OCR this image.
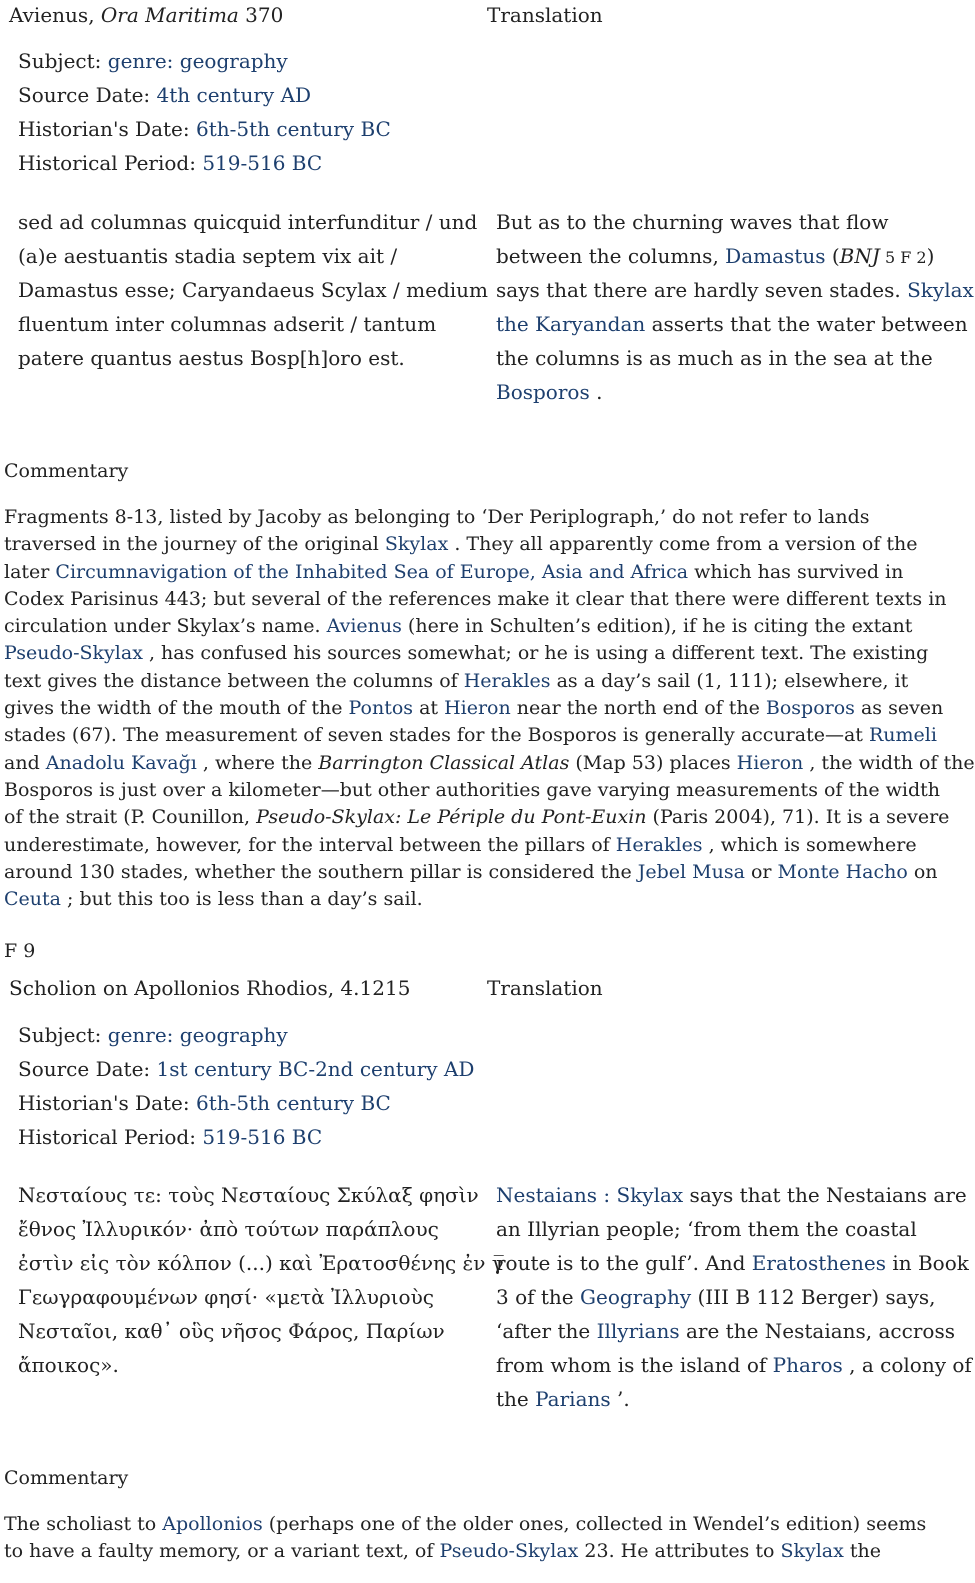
Avienus, Ora Maritima 370	Translation
Subject: genre: geography
Source Date: 4th century AD
Historian's Date: 6th-5th century BC
Historical Period: 519-516 BC
sed ad columnas quicquid interfunditur / und
(a)e aestuantis stadia septem vix ait /
Damastus esse; Caryandaeus Scylax / medium
fluentum inter columnas adserit / tantum
patere quantus aestus Bosp[h]oro est.
But as to the churning waves that flow
between the columns, Damastus (BNJ 5 F 2)
says that there are hardly seven stades. Skylax
the Karyandan asserts that the water between
the columns is as much as in the sea at the
Bosporos .
Commentary
Fragments 8-13, listed by Jacoby as belonging to ‘Der Periplograph,’ do not refer to lands
traversed in the journey of the original Skylax . They all apparently come from a version of the
later Circumnavigation of the Inhabited Sea of Europe, Asia and Africa which has survived in
Codex Parisinus 443; but several of the references make it clear that there were different texts in
circulation under Skylax’s name. Avienus (here in Schulten’s edition), if he is citing the extant
Pseudo-Skylax , has confused his sources somewhat; or he is using a different text. The existing
text gives the distance between the columns of Herakles as a day’s sail (1, 111); elsewhere, it
gives the width of the mouth of the Pontos at Hieron near the north end of the Bosporos as seven
stades (67). The measurement of seven stades for the Bosporos is generally accurate—at Rumeli
and Anadolu Kavağı , where the Barrington Classical Atlas (Map 53) places Hieron , the width of the
Bosporos is just over a kilometer—but other authorities gave varying measurements of the width
of the strait (P. Counillon, Pseudo-Skylax: Le Périple du Pont-Euxin (Paris 2004), 71). It is a severe
underestimate, however, for the interval between the pillars of Herakles , which is somewhere
around 130 stades, whether the southern pillar is considered the Jebel Musa or Monte Hacho on
Ceuta ; but this too is less than a day’s sail.
F 9
Scholion on Apollonios Rhodios, 4.1215	Translation
Subject: genre: geography
Source Date: 1st century BC-2nd century AD
Historian's Date: 6th-5th century BC
Historical Period: 519-516 BC
Νεσταίους τε: τοὺς Νεσταίους Σκύλαξ φησὶν
ἔθνος Ἰλλυρικόν· ἀπὸ τούτων παράπλους
ἐστὶν εἰς τὸν κόλπον (...) καὶ Ἐρατοσθένης ἐν γ̅
Γεωγραφουμένων φησί· «μετὰ Ἰλλυριοὺς
Νεσταῖοι, καθ᾽ οὓς νῆσος Φάρος, Παρίων
ἄποικος».
Nestaians : Skylax says that the Nestaians are
an Illyrian people; ‘from them the coastal
route is to the gulf’. And Eratosthenes in Book
3 of the Geography (III B 112 Berger) says,
‘after the Illyrians are the Nestaians, accross
from whom is the island of Pharos , a colony of
the Parians ’.
Commentary
The scholiast to Apollonios (perhaps one of the older ones, collected in Wendel’s edition) seems
to have a faulty memory, or a variant text, of Pseudo-Skylax 23. He attributes to Skylax the
